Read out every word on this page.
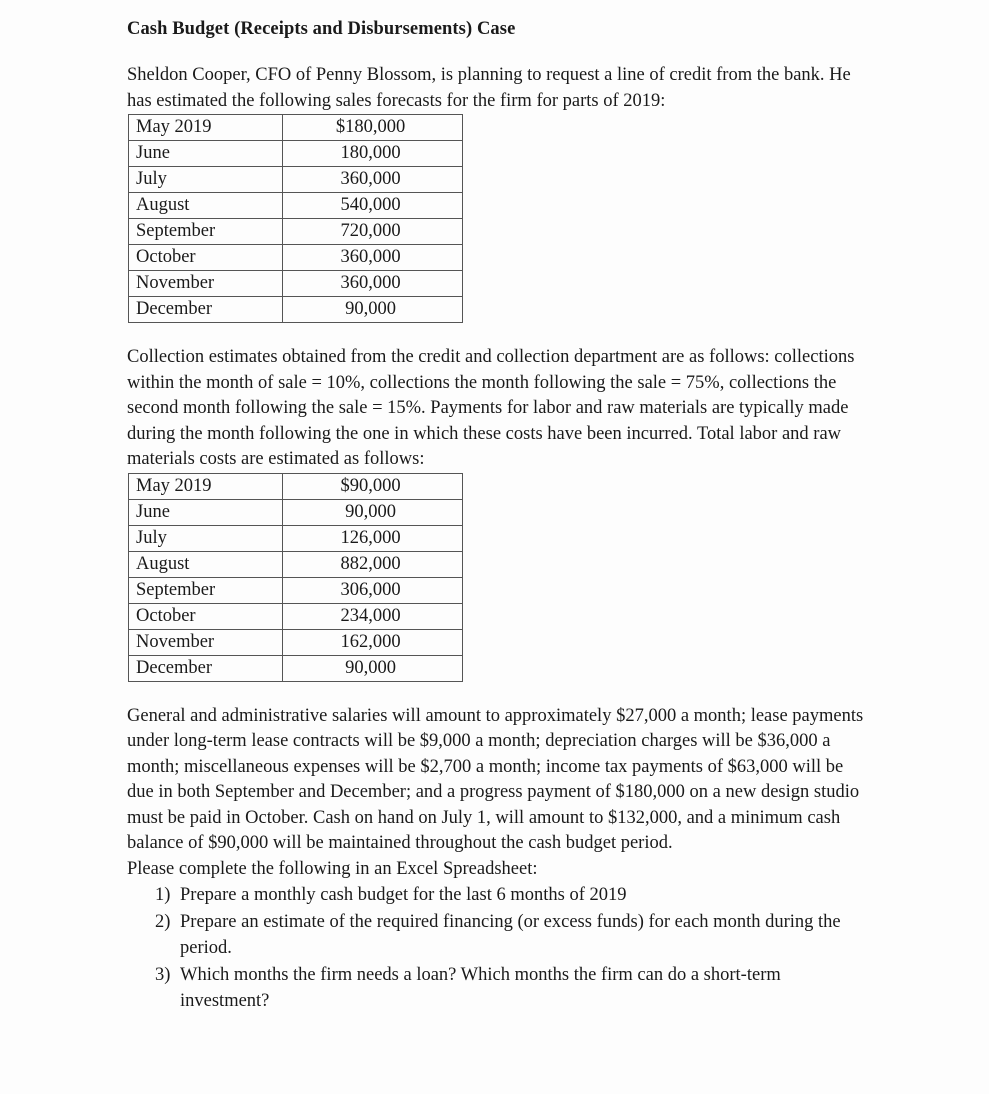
Cash Budget (Receipts and Disbursements) Case

Sheldon Cooper, CFO of Penny Blossom, is planning to request a line of credit from the bank. He has estimated the following sales forecasts for the firm for parts of 2019:

May 2019	$180,000
June	180,000
July	360,000
August	540,000
September	720,000
October	360,000
November	360,000
December	90,000

Collection estimates obtained from the credit and collection department are as follows: collections within the month of sale = 10%, collections the month following the sale = 75%, collections the second month following the sale = 15%. Payments for labor and raw materials are typically made during the month following the one in which these costs have been incurred. Total labor and raw materials costs are estimated as follows:

May 2019	$90,000
June	90,000
July	126,000
August	882,000
September	306,000
October	234,000
November	162,000
December	90,000

General and administrative salaries will amount to approximately $27,000 a month; lease payments under long-term lease contracts will be $9,000 a month; depreciation charges will be $36,000 a month; miscellaneous expenses will be $2,700 a month; income tax payments of $63,000 will be due in both September and December; and a progress payment of $180,000 on a new design studio must be paid in October. Cash on hand on July 1, will amount to $132,000, and a minimum cash balance of $90,000 will be maintained throughout the cash budget period.

Please complete the following in an Excel Spreadsheet:

1) Prepare a monthly cash budget for the last 6 months of 2019
2) Prepare an estimate of the required financing (or excess funds) for each month during the period.
3) Which months the firm needs a loan? Which months the firm can do a short-term investment?
